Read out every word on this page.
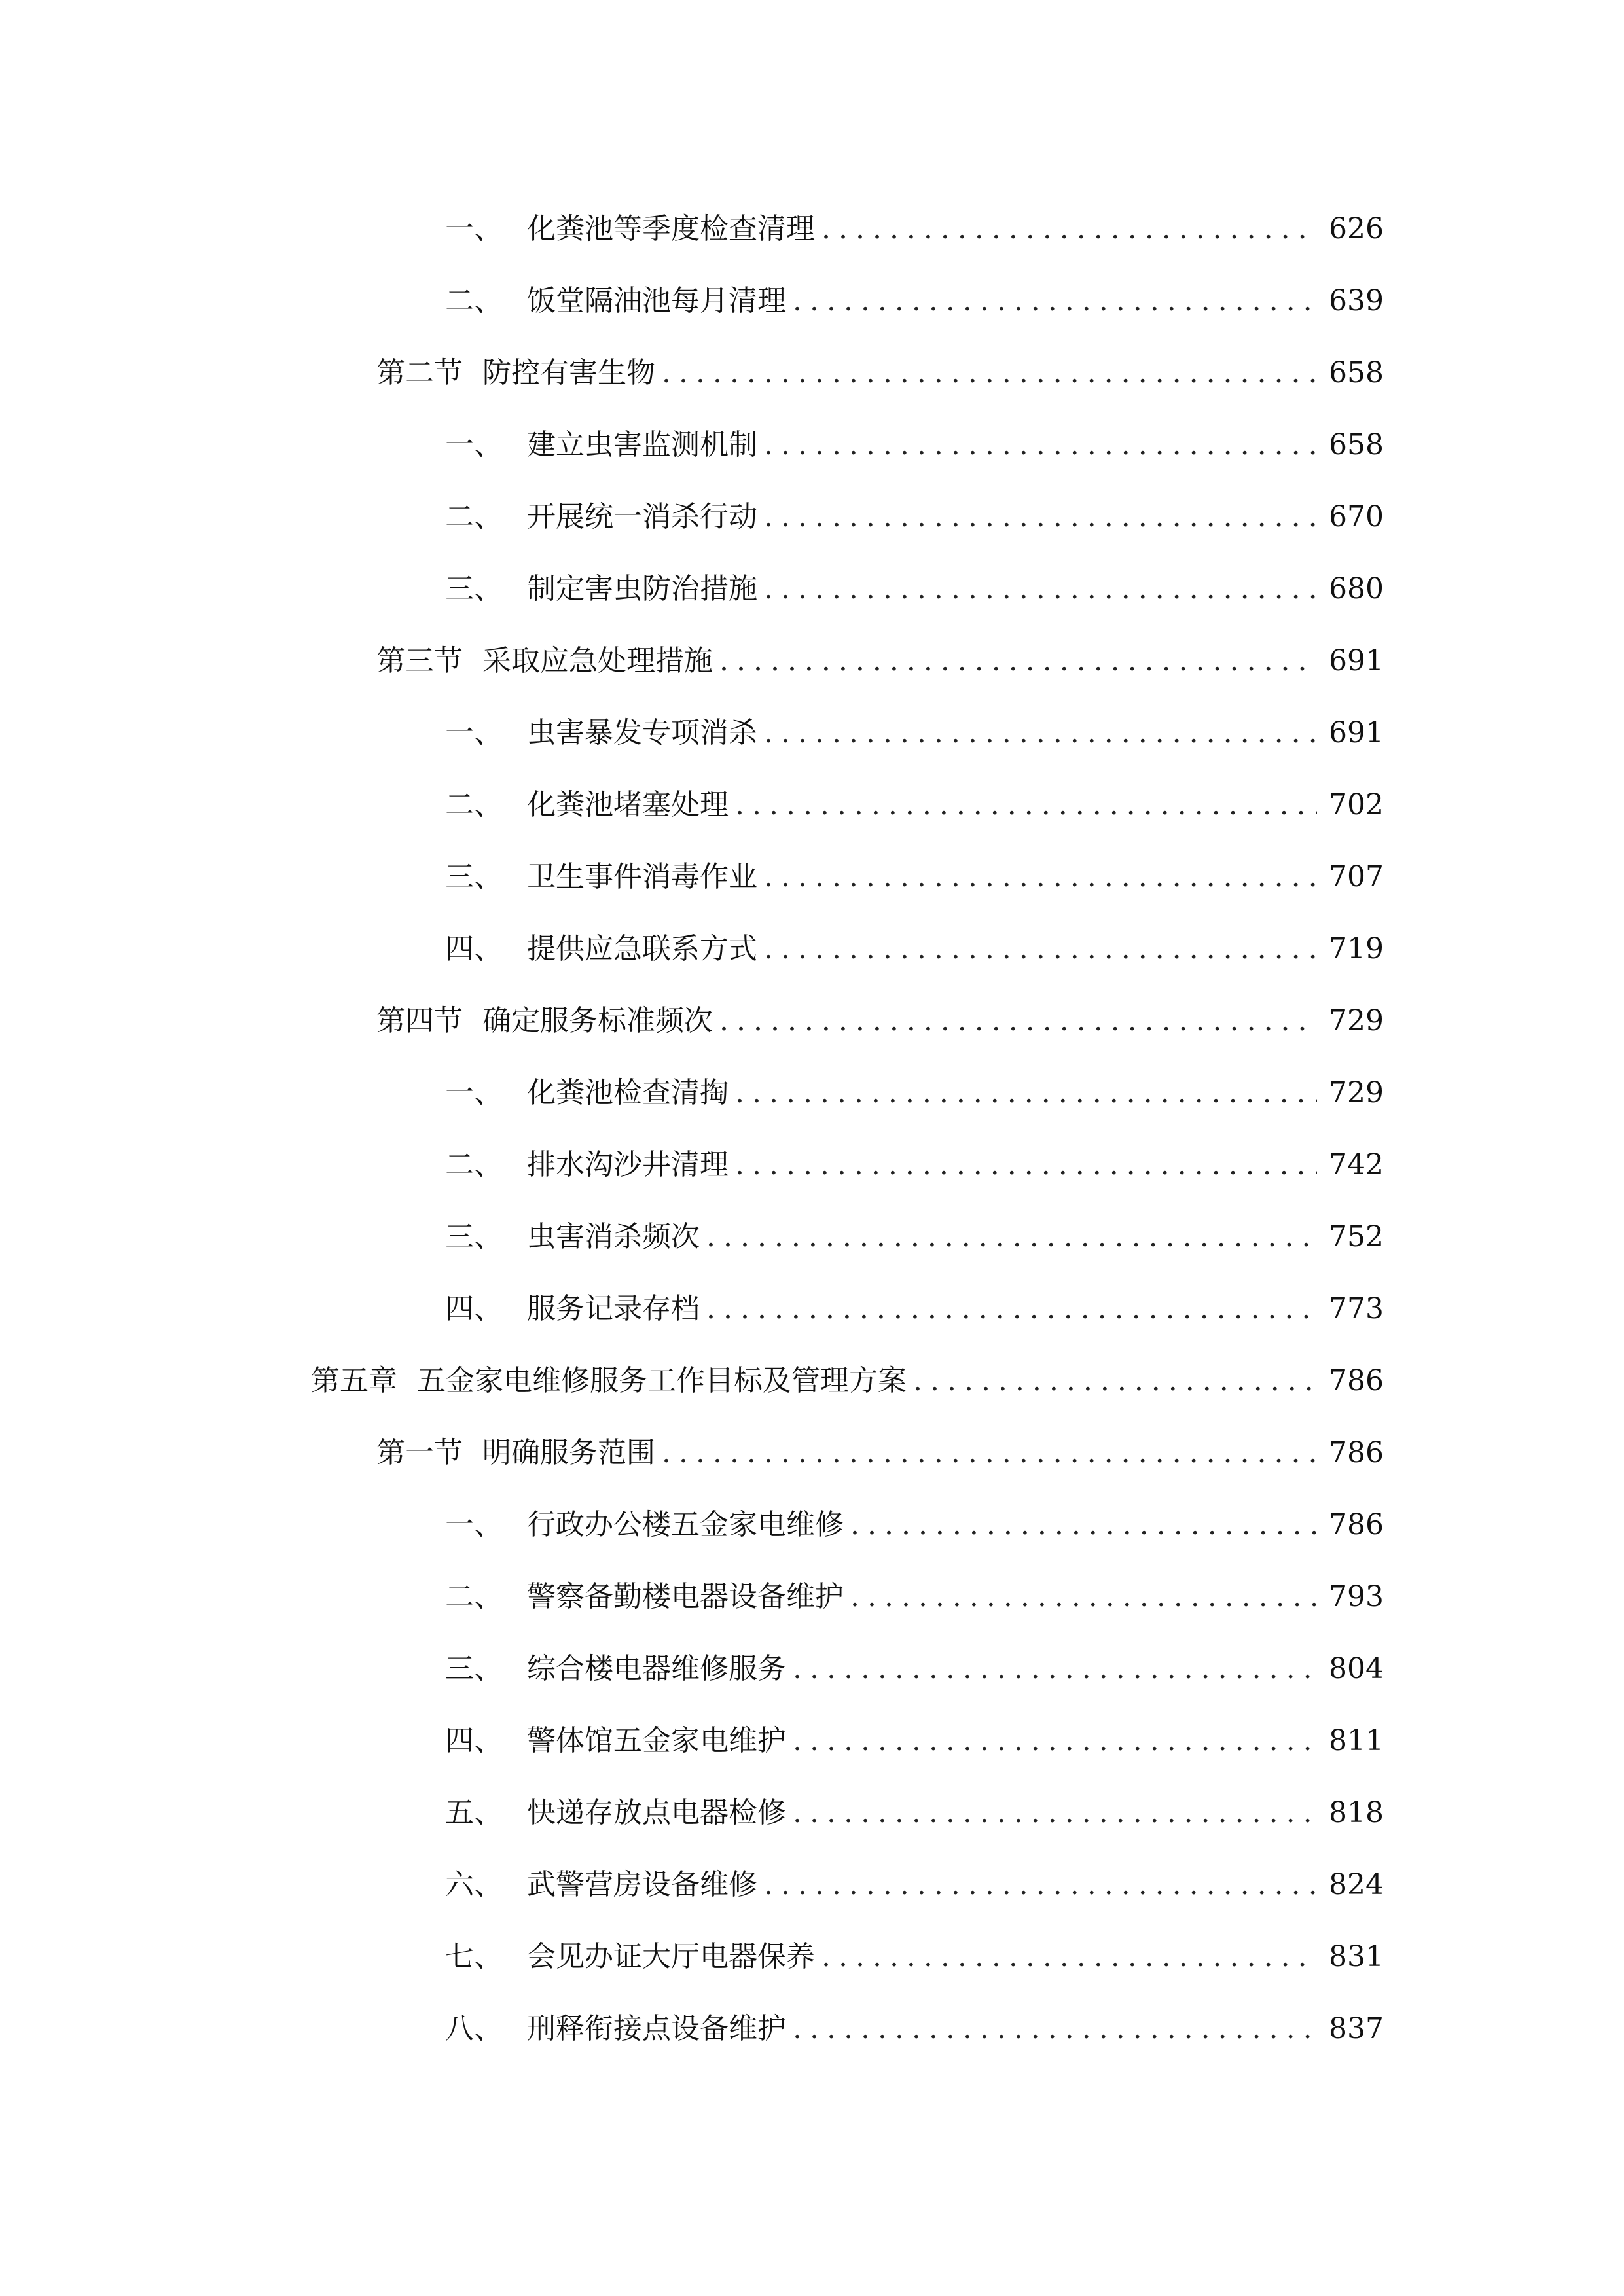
一、 化粪池等季度检查清理 .....	626
二、 饭堂隔油池每月清理 .....	639
第二节 防控有害生物 .....	658
一、 建立虫害监测机制 .....	658
二、 开展统一消杀行动 .....	670
三、 制定害虫防治措施 .....	680
第三节 采取应急处理措施 .....	691
一、 虫害暴发专项消杀 .....	691
二、 化粪池堵塞处理 .....	702
三、 卫生事件消毒作业 .....	707
四、 提供应急联系方式 .....	719
第四节 确定服务标准频次 .....	729
一、 化粪池检查清掏 .....	729
二、 排水沟沙井清理 .....	742
三、 虫害消杀频次 .....	752
四、 服务记录存档 .....	773
第五章 五金家电维修服务工作目标及管理方案 .....	786
第一节 明确服务范围 .....	786
一、 行政办公楼五金家电维修 .....	786
二、 警察备勤楼电器设备维护 .....	793
三、 综合楼电器维修服务 .....	804
四、 警体馆五金家电维护 .....	811
五、 快递存放点电器检修 .....	818
六、 武警营房设备维修 .....	824
七、 会见办证大厅电器保养 .....	831
八、 刑释衔接点设备维护 .....	837
